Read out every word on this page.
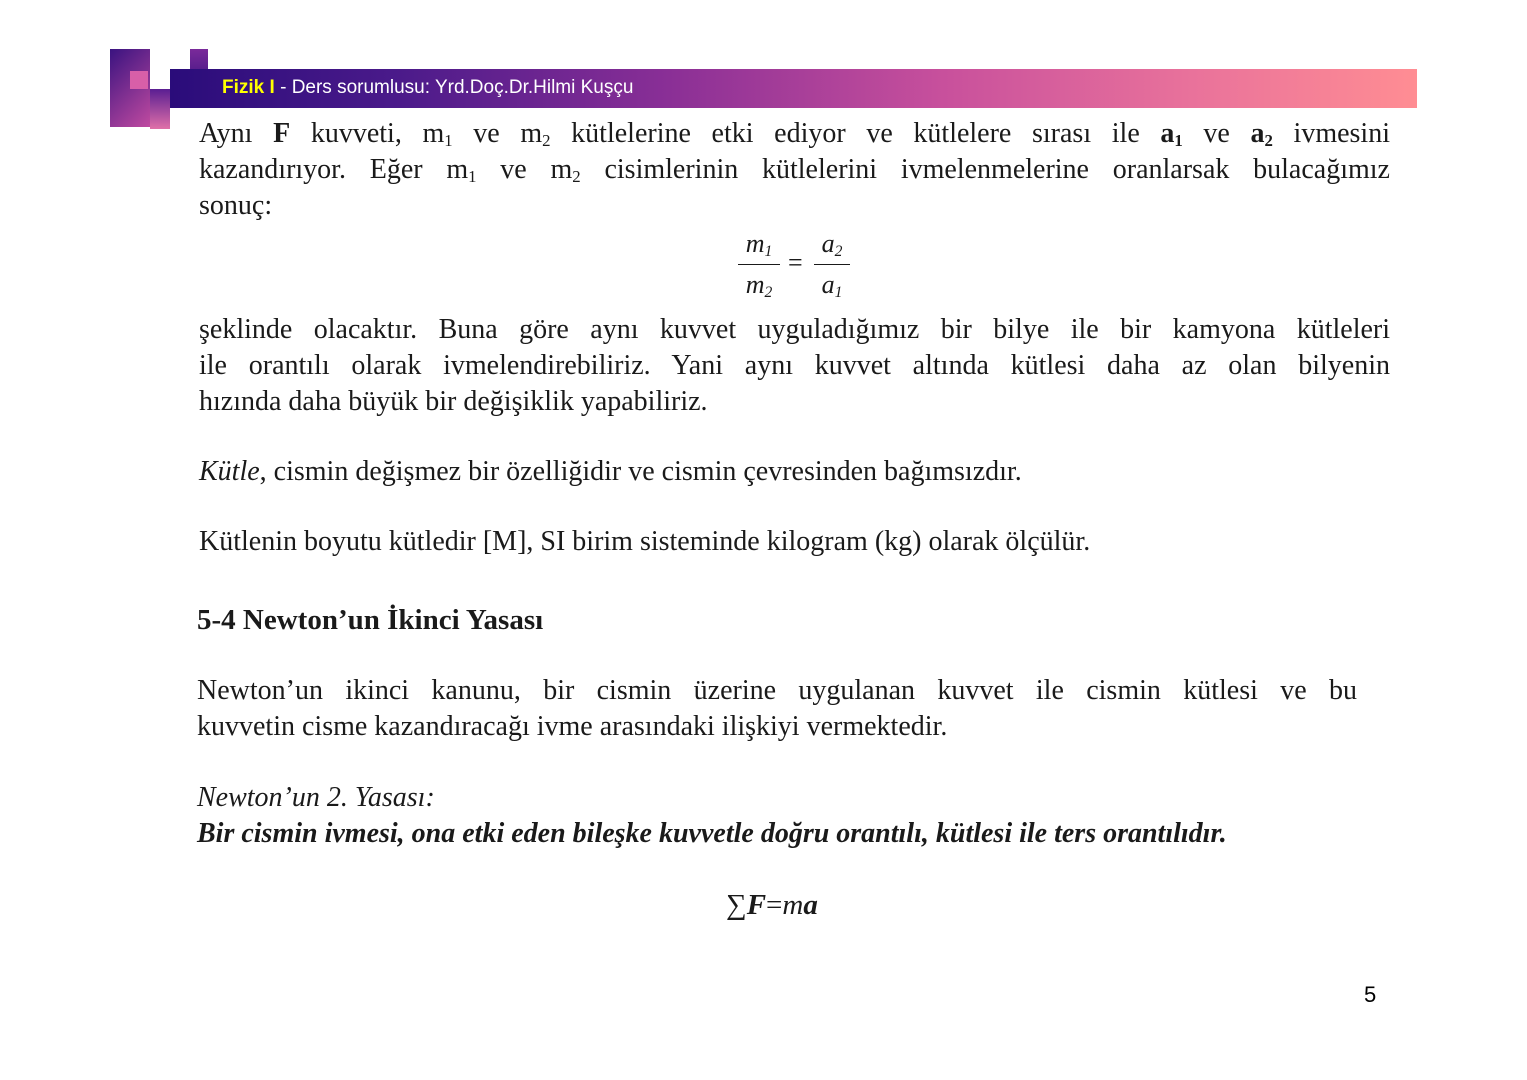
Fizik I - Ders sorumlusu: Yrd.Doç.Dr.Hilmi Kuşçu
Aynı F kuvveti, $m_1$ ve $m_2$ kütlelerine etki ediyor ve kütlelere sırası ile $a_1$ ve $a_2$ ivmesini
kazandırıyor. Eğer $m_1$ ve $m_2$ cisimlerinin kütlelerini ivmelenmelerine oranlarsak bulacağımız
sonuç:
$m_1$
$m_2$
=
$a_2$
$a_1$
şeklinde olacaktır. Buna göre aynı kuvvet uyguladığımız bir bilye ile bir kamyona kütleleri
ile orantılı olarak ivmelendirebiliriz. Yani aynı kuvvet altında kütlesi daha az olan bilyenin
hızında daha büyük bir değişiklik yapabiliriz.
Kütle, cismin değişmez bir özelliğidir ve cismin çevresinden bağımsızdır.
Kütlenin boyutu kütledir [M], SI birim sisteminde kilogram (kg) olarak ölçülür.
5-4 Newton’un İkinci Yasası
Newton’un ikinci kanunu, bir cismin üzerine uygulanan kuvvet ile cismin kütlesi ve bu
kuvvetin cisme kazandıracağı ivme arasındaki ilişkiyi vermektedir.
Newton’un 2. Yasası:
Bir cismin ivmesi, ona etki eden bileşke kuvvetle doğru orantılı, kütlesi ile ters orantılıdır.
∑F=ma
5
